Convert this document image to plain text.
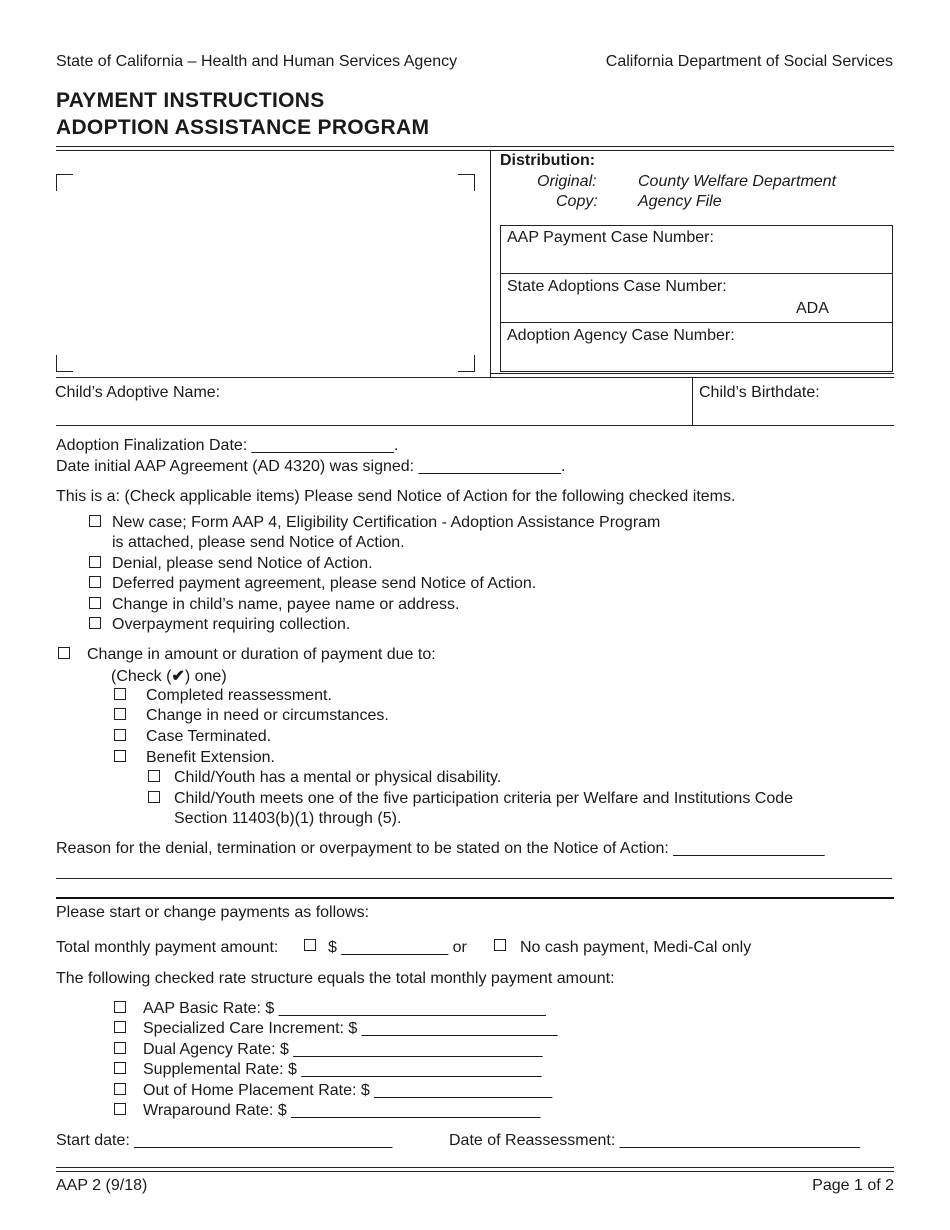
State of California – Health and Human Services Agency	California Department of Social Services
PAYMENT INSTRUCTIONS
ADOPTION ASSISTANCE PROGRAM
Distribution:
Original:	County Welfare Department
Copy:	Agency File
AAP Payment Case Number:
State Adoptions Case Number:
ADA
Adoption Agency Case Number:
Child’s Adoptive Name:	Child’s Birthdate:
Adoption Finalization Date: ________________.
Date initial AAP Agreement (AD 4320) was signed: ________________.
This is a: (Check applicable items) Please send Notice of Action for the following checked items.
New case; Form AAP 4, Eligibility Certification - Adoption Assistance Program
is attached, please send Notice of Action.
Denial, please send Notice of Action.
Deferred payment agreement, please send Notice of Action.
Change in child’s name, payee name or address.
Overpayment requiring collection.
Change in amount or duration of payment due to:
(Check (✔) one)
Completed reassessment.
Change in need or circumstances.
Case Terminated.
Benefit Extension.
Child/Youth has a mental or physical disability.
Child/Youth meets one of the five participation criteria per Welfare and Institutions Code
Section 11403(b)(1) through (5).
Reason for the denial, termination or overpayment to be stated on the Notice of Action: _________________
Please start or change payments as follows:
Total monthly payment amount:	$ ____________ or	No cash payment, Medi-Cal only
The following checked rate structure equals the total monthly payment amount:
AAP Basic Rate: $ ______________________________
Specialized Care Increment: $ ______________________
Dual Agency Rate: $ ____________________________
Supplemental Rate: $ ___________________________
Out of Home Placement Rate: $ ____________________
Wraparound Rate: $ ____________________________
Start date: _____________________________	Date of Reassessment: ___________________________
AAP 2 (9/18)	Page 1 of 2
